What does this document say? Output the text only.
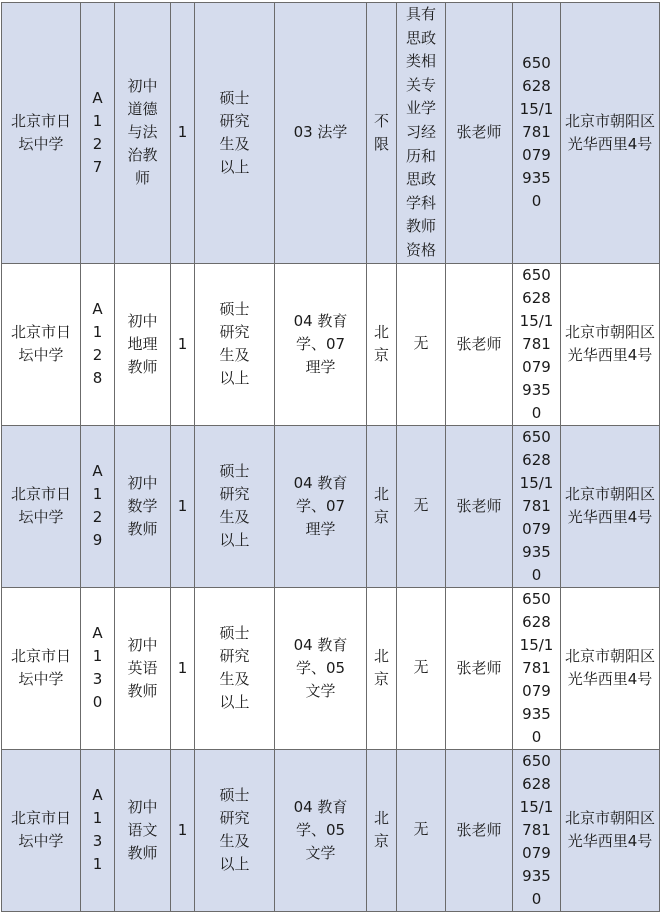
北京市日坛中学	A127	初中道德与法治教师	1	硕士研究生及以上	03 法学	不限	具有思政类相关专业学习经历和思政学科教师资格	张老师	65062815/17810799350	北京市朝阳区光华西里4号
北京市日坛中学	A128	初中地理教师	1	硕士研究生及以上	04 教育学、07 理学	北京	无	张老师	65062815/17810799350	北京市朝阳区光华西里4号
北京市日坛中学	A129	初中数学教师	1	硕士研究生及以上	04 教育学、07 理学	北京	无	张老师	65062815/17810799350	北京市朝阳区光华西里4号
北京市日坛中学	A130	初中英语教师	1	硕士研究生及以上	04 教育学、05 文学	北京	无	张老师	65062815/17810799350	北京市朝阳区光华西里4号
北京市日坛中学	A131	初中语文教师	1	硕士研究生及以上	04 教育学、05 文学	北京	无	张老师	65062815/17810799350	北京市朝阳区光华西里4号
